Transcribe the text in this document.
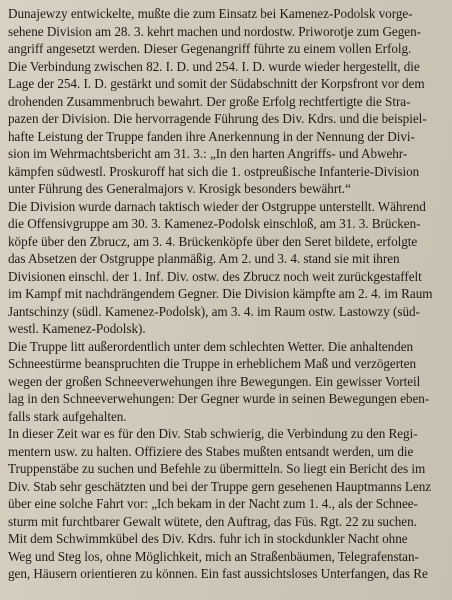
Dunajewzy entwickelte, mußte die zum Einsatz bei Kamenez-Podolsk vorge-
sehene Division am 28. 3. kehrt machen und nordostw. Priworotje zum Gegen-
angriff angesetzt werden. Dieser Gegenangriff führte zu einem vollen Erfolg.
Die Verbindung zwischen 82. I. D. und 254. I. D. wurde wieder hergestellt, die
Lage der 254. I. D. gestärkt und somit der Südabschnitt der Korpsfront vor dem
drohenden Zusammenbruch bewahrt. Der große Erfolg rechtfertigte die Stra-
pazen der Division. Die hervorragende Führung des Div. Kdrs. und die beispiel-
hafte Leistung der Truppe fanden ihre Anerkennung in der Nennung der Divi-
sion im Wehrmachtsbericht am 31. 3.: „In den harten Angriffs- und Abwehr-
kämpfen südwestl. Proskuroff hat sich die 1. ostpreußische Infanterie-Division
unter Führung des Generalmajors v. Krosigk besonders bewährt.“

Die Division wurde darnach taktisch wieder der Ostgruppe unterstellt. Während
die Offensivgruppe am 30. 3. Kamenez-Podolsk einschloß, am 31. 3. Brücken-
köpfe über den Zbrucz, am 3. 4. Brückenköpfe über den Seret bildete, erfolgte
das Absetzen der Ostgruppe planmäßig. Am 2. und 3. 4. stand sie mit ihren
Divisionen einschl. der 1. Inf. Div. ostw. des Zbrucz noch weit zurückgestaffelt
im Kampf mit nachdrängendem Gegner. Die Division kämpfte am 2. 4. im Raum
Jantschinzy (südl. Kamenez-Podolsk), am 3. 4. im Raum ostw. Lastowzy (süd-
westl. Kamenez-Podolsk).

Die Truppe litt außerordentlich unter dem schlechten Wetter. Die anhaltenden
Schneestürme beanspruchten die Truppe in erheblichem Maß und verzögerten
wegen der großen Schneeverwehungen ihre Bewegungen. Ein gewisser Vorteil
lag in den Schneeverwehungen: Der Gegner wurde in seinen Bewegungen eben-
falls stark aufgehalten.

In dieser Zeit war es für den Div. Stab schwierig, die Verbindung zu den Regi-
mentern usw. zu halten. Offiziere des Stabes mußten entsandt werden, um die
Truppenstäbe zu suchen und Befehle zu übermitteln. So liegt ein Bericht des im
Div. Stab sehr geschätzten und bei der Truppe gern gesehenen Hauptmanns Lenz
über eine solche Fahrt vor: „Ich bekam in der Nacht zum 1. 4., als der Schnee-
sturm mit furchtbarer Gewalt wütete, den Auftrag, das Füs. Rgt. 22 zu suchen.
Mit dem Schwimmkübel des Div. Kdrs. fuhr ich in stockdunkler Nacht ohne
Weg und Steg los, ohne Möglichkeit, mich an Straßenbäumen, Telegrafenstan-
gen, Häusern orientieren zu können. Ein fast aussichtsloses Unterfangen, das Re
